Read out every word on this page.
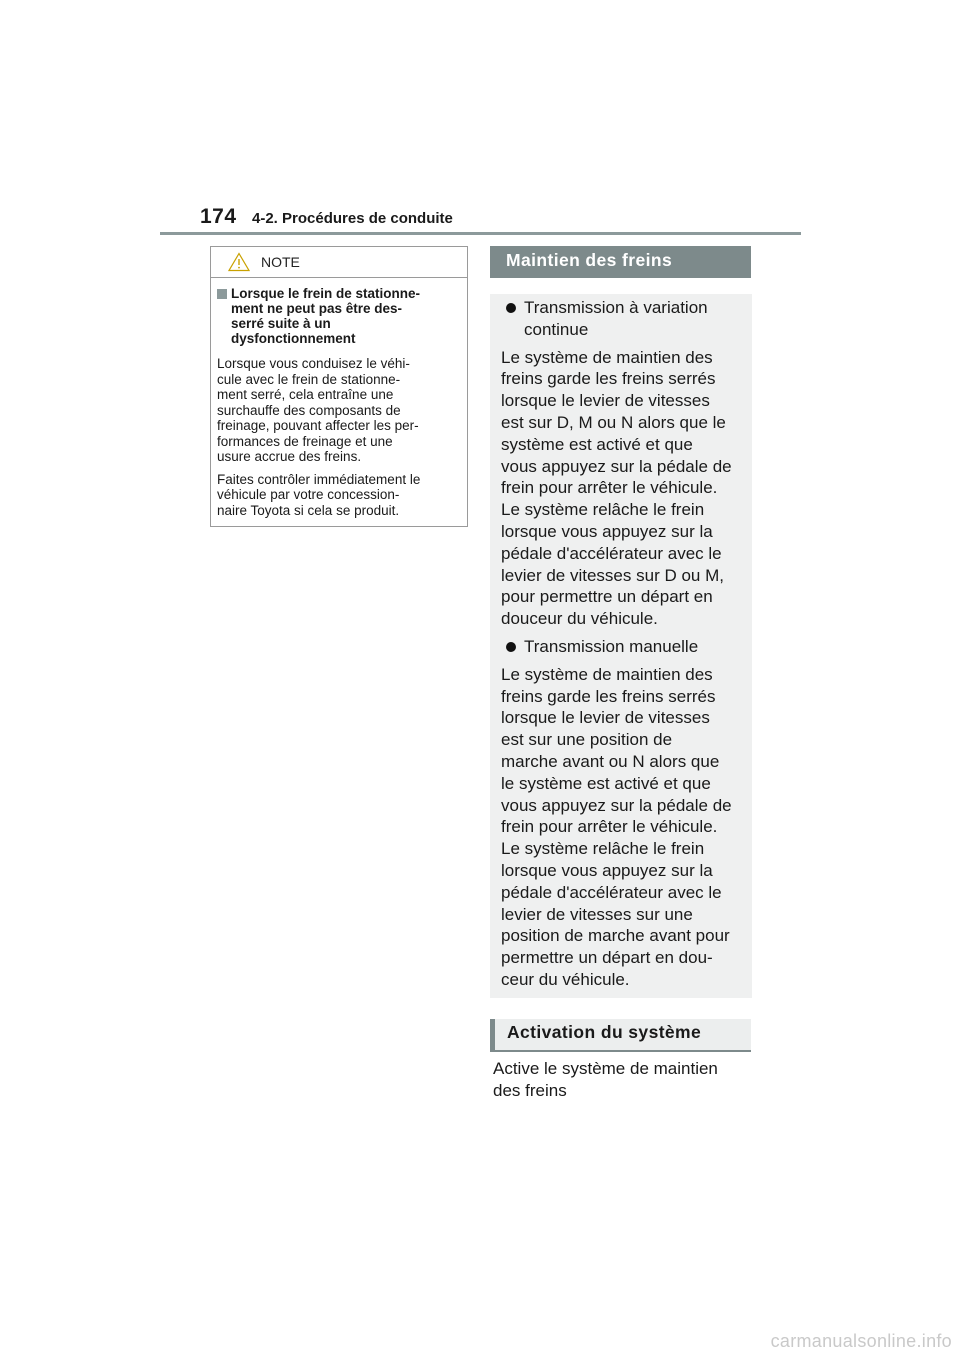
174 4-2. Procédures de conduite
NOTE
Lorsque le frein de stationne-
ment ne peut pas être des-
serré suite à un
dysfonctionnement

Lorsque vous conduisez le véhi-
cule avec le frein de stationne-
ment serré, cela entraîne une
surchauffe des composants de
freinage, pouvant affecter les per-
formances de freinage et une
usure accrue des freins.

Faites contrôler immédiatement le
véhicule par votre concession-
naire Toyota si cela se produit.

Maintien des freins
Transmission à variation
continue

Le système de maintien des
freins garde les freins serrés
lorsque le levier de vitesses
est sur D, M ou N alors que le
système est activé et que
vous appuyez sur la pédale de
frein pour arrêter le véhicule.
Le système relâche le frein
lorsque vous appuyez sur la
pédale d'accélérateur avec le
levier de vitesses sur D ou M,
pour permettre un départ en
douceur du véhicule.

Transmission manuelle

Le système de maintien des
freins garde les freins serrés
lorsque le levier de vitesses
est sur une position de
marche avant ou N alors que
le système est activé et que
vous appuyez sur la pédale de
frein pour arrêter le véhicule.
Le système relâche le frein
lorsque vous appuyez sur la
pédale d'accélérateur avec le
levier de vitesses sur une
position de marche avant pour
permettre un départ en dou-
ceur du véhicule.

Activation du système
Active le système de maintien
des freins
carmanualsonline.info
